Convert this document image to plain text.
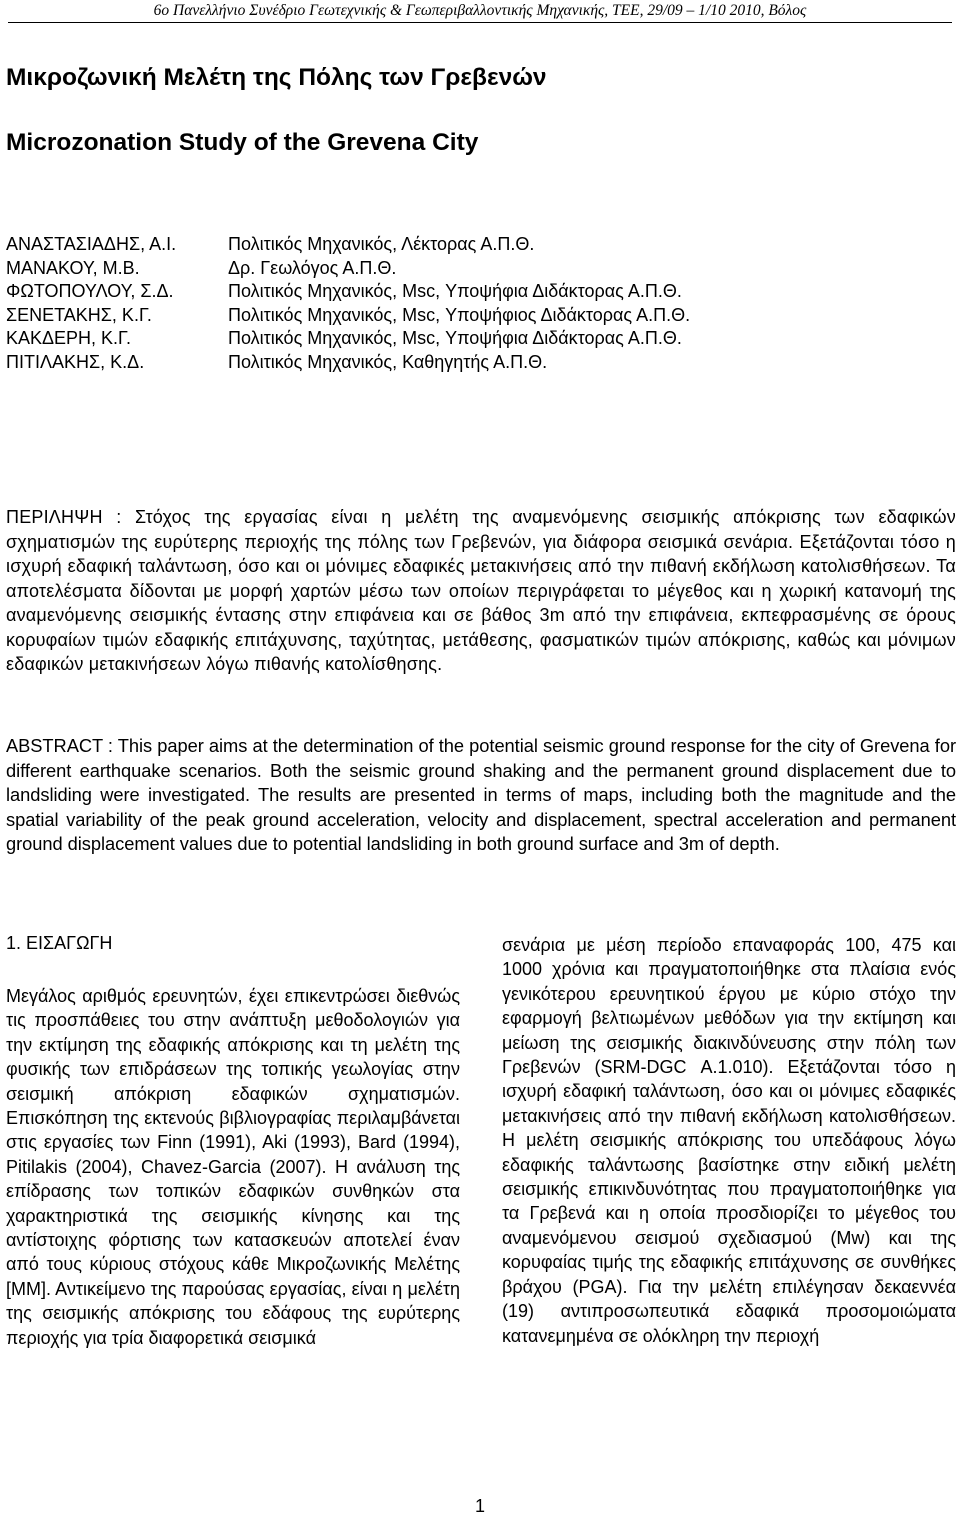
6ο Πανελλήνιο Συνέδριο Γεωτεχνικής & Γεωπεριβαλλοντικής Μηχανικής, ΤΕΕ, 29/09 – 1/10 2010, Βόλος
Μικροζωνική Μελέτη της Πόλης των Γρεβενών
Microzonation Study of the Grevena City
ΑΝΑΣΤΑΣΙΑΔΗΣ, Α.Ι.	Πολιτικός Μηχανικός, Λέκτορας Α.Π.Θ.
ΜΑΝΑΚΟΥ, Μ.Β.	Δρ. Γεωλόγος Α.Π.Θ.
ΦΩΤΟΠΟΥΛΟΥ, Σ.Δ.	Πολιτικός Μηχανικός, Msc, Υποψήφια Διδάκτορας Α.Π.Θ.
ΣΕΝΕΤΑΚΗΣ, Κ.Γ.	Πολιτικός Μηχανικός, Msc, Υποψήφιος Διδάκτορας Α.Π.Θ.
ΚΑΚΔΕΡΗ, Κ.Γ.	Πολιτικός Μηχανικός, Msc, Υποψήφια Διδάκτορας Α.Π.Θ.
ΠΙΤΙΛΑΚΗΣ, Κ.Δ.	Πολιτικός Μηχανικός, Καθηγητής Α.Π.Θ.

ΠΕΡΙΛΗΨΗ : Στόχος της εργασίας είναι η μελέτη της αναμενόμενης σεισμικής απόκρισης των εδαφικών σχηματισμών της ευρύτερης περιοχής της πόλης των Γρεβενών, για διάφορα σεισμικά σενάρια. Εξετάζονται τόσο η ισχυρή εδαφική ταλάντωση, όσο και οι μόνιμες εδαφικές μετακινήσεις από την πιθανή εκδήλωση κατολισθήσεων. Τα αποτελέσματα δίδονται με μορφή χαρτών μέσω των οποίων περιγράφεται το μέγεθος και η χωρική κατανομή της αναμενόμενης σεισμικής έντασης στην επιφάνεια και σε βάθος 3m από την επιφάνεια, εκπεφρασμένης σε όρους κορυφαίων τιμών εδαφικής επιτάχυνσης, ταχύτητας, μετάθεσης, φασματικών τιμών απόκρισης, καθώς και μόνιμων εδαφικών μετακινήσεων λόγω πιθανής κατολίσθησης.

ABSTRACT : This paper aims at the determination of the potential seismic ground response for the city of Grevena for different earthquake scenarios. Both the seismic ground shaking and the permanent ground displacement due to landsliding were investigated. The results are presented in terms of maps, including both the magnitude and the spatial variability of the peak ground acceleration, velocity and displacement, spectral acceleration and permanent ground displacement values due to potential landsliding in both ground surface and 3m of depth.

1. ΕΙΣΑΓΩΓΗ

Μεγάλος αριθμός ερευνητών, έχει επικεντρώσει διεθνώς τις προσπάθειες του στην ανάπτυξη μεθοδολογιών για την εκτίμηση της εδαφικής απόκρισης και τη μελέτη της φυσικής των επιδράσεων της τοπικής γεωλογίας στην σεισμική απόκριση εδαφικών σχηματισμών. Επισκόπηση της εκτενούς βιβλιογραφίας περιλαμβάνεται στις εργασίες των Finn (1991), Aki (1993), Bard (1994), Pitilakis (2004), Chavez-Garcia (2007). Η ανάλυση της επίδρασης των τοπικών εδαφικών συνθηκών στα χαρακτηριστικά της σεισμικής κίνησης και της αντίστοιχης φόρτισης των κατασκευών αποτελεί έναν από τους κύριους στόχους κάθε Μικροζωνικής Μελέτης [ΜΜ]. Αντικείμενο της παρούσας εργασίας, είναι η μελέτη της σεισμικής απόκρισης του εδάφους της ευρύτερης περιοχής για τρία διαφορετικά σεισμικά

σενάρια με μέση περίοδο επαναφοράς 100, 475 και 1000 χρόνια και πραγματοποιήθηκε στα πλαίσια ενός γενικότερου ερευνητικού έργου με κύριο στόχο την εφαρμογή βελτιωμένων μεθόδων για την εκτίμηση και μείωση της σεισμικής διακινδύνευσης στην πόλη των Γρεβενών (SRM-DGC Α.1.010). Εξετάζονται τόσο η ισχυρή εδαφική ταλάντωση, όσο και οι μόνιμες εδαφικές μετακινήσεις από την πιθανή εκδήλωση κατολισθήσεων. Η μελέτη σεισμικής απόκρισης του υπεδάφους λόγω εδαφικής ταλάντωσης βασίστηκε στην ειδική μελέτη σεισμικής επικινδυνότητας που πραγματοποιήθηκε για τα Γρεβενά και η οποία προσδιορίζει το μέγεθος του αναμενόμενου σεισμού σχεδιασμού (Mw) και της κορυφαίας τιμής της εδαφικής επιτάχυνσης σε συνθήκες βράχου (PGA). Για την μελέτη επιλέγησαν δεκαεννέα (19) αντιπροσωπευτικά εδαφικά προσομοιώματα κατανεμημένα σε ολόκληρη την περιοχή

1
